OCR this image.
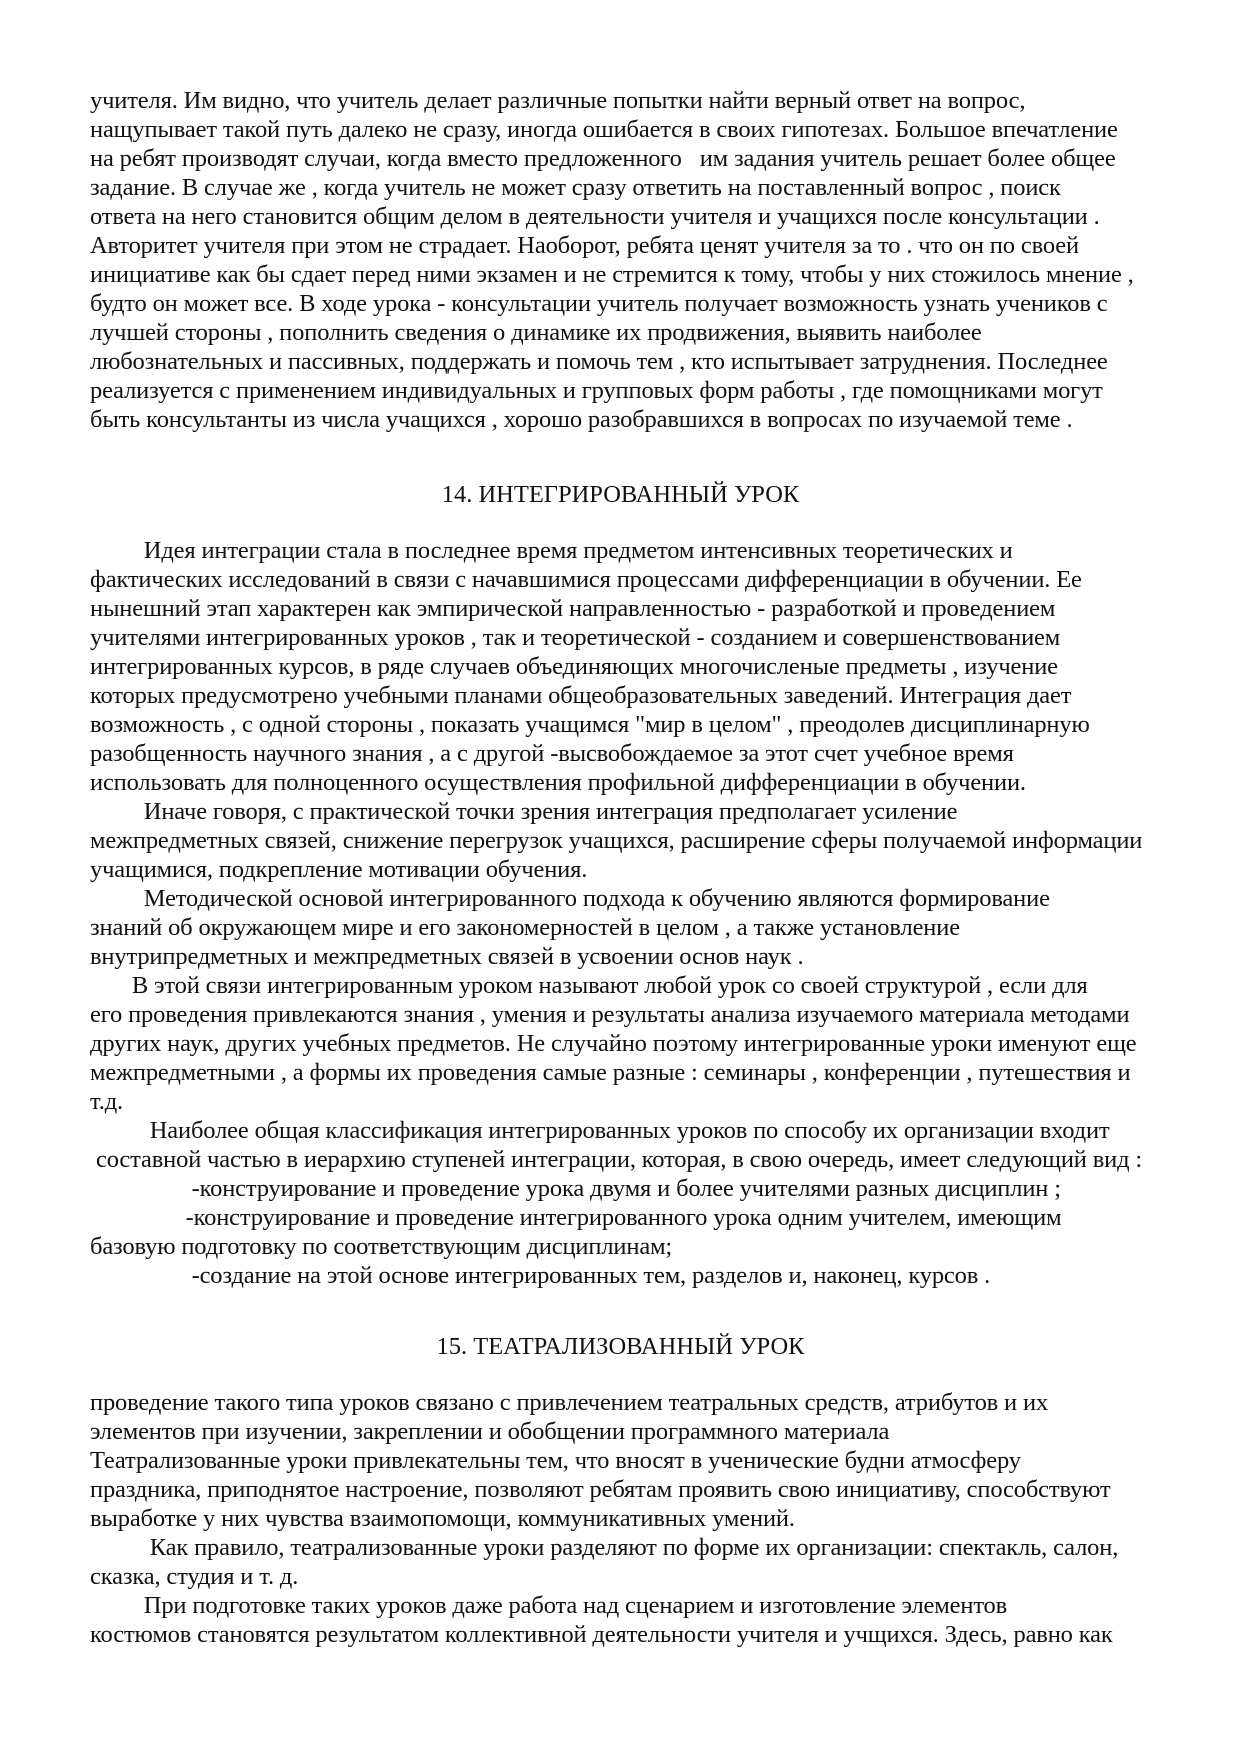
учителя. Им видно, что учитель делает различные попытки найти верный ответ на вопрос,
нащупывает такой путь далеко не сразу, иногда ошибается в своих гипотезах. Большое впечатление
на ребят производят случаи, когда вместо предложенного   им задания учитель решает более общее
задание. В случае же , когда учитель не может сразу ответить на поставленный вопрос , поиск
ответа на него становится общим делом в деятельности учителя и учащихся после консультации .
Авторитет учителя при этом не страдает. Наоборот, ребята ценят учителя за то . что он по своей
инициативе как бы сдает перед ними экзамен и не стремится к тому, чтобы у них стожилось мнение ,
будто он может все. В ходе урока - консультации учитель получает возможность узнать учеников с
лучшей стороны , пополнить сведения о динамике их продвижения, выявить наиболее
любознательных и пассивных, поддержать и помочь тем , кто испытывает затруднения. Последнее
реализуется с применением индивидуальных и групповых форм работы , где помощниками могут
быть консультанты из числа учащихся , хорошо разобравшихся в вопросах по изучаемой теме .
14. ИНТЕГРИРОВАННЫЙ УРОК
Идея интеграции стала в последнее время предметом интенсивных теоретических и
фактических исследований в связи с начавшимися процессами дифференциации в обучении. Ее
нынешний этап характерен как эмпирической направленностью - разработкой и проведением
учителями интегрированных уроков , так и теоретической - созданием и совершенствованием
интегрированных курсов, в ряде случаев объединяющих многочисленые предметы , изучение
которых предусмотрено учебными планами общеобразовательных заведений. Интеграция дает
возможность , с одной стороны , показать учащимся "мир в целом" , преодолев дисциплинарную
разобщенность научного знания , а с другой -высвобождаемое за этот счет учебное время
использовать для полноценного осуществления профильной дифференциации в обучении.
Иначе говоря, с практической точки зрения интеграция предполагает усиление
межпредметных связей, снижение перегрузок учащихся, расширение сферы получаемой информации
учащимися, подкрепление мотивации обучения.
Методической основой интегрированного подхода к обучению являются формирование
знаний об окружающем мире и его закономерностей в целом , а также установление
внутрипредметных и межпредметных связей в усвоении основ наук .
В этой связи интегрированным уроком называют любой урок со своей структурой , если для
его проведения привлекаются знания , умения и результаты анализа изучаемого материала методами
других наук, других учебных предметов. Не случайно поэтому интегрированные уроки именуют еще
межпредметными , а формы их проведения самые разные : семинары , конференции , путешествия и
т.д.
Наиболее общая классификация интегрированных уроков по способу их организации входит
составной частью в иерархию ступеней интеграции, которая, в свою очередь, имеет следующий вид :
-конструирование и проведение урока двумя и более учителями разных дисциплин ;
-конструирование и проведение интегрированного урока одним учителем, имеющим
базовую подготовку по соответствующим дисциплинам;
-создание на этой основе интегрированных тем, разделов и, наконец, курсов .
15. ТЕАТРАЛИЗОВАННЫЙ УРОК
проведение такого типа уроков связано с привлечением театральных средств, атрибутов и их
элементов при изучении, закреплении и обобщении программного материала
Театрализованные уроки привлекательны тем, что вносят в ученические будни атмосферу
праздника, приподнятое настроение, позволяют ребятам проявить свою инициативу, способствуют
выработке у них чувства взаимопомощи, коммуникативных умений.
Как правило, театрализованные уроки разделяют по форме их организации: спектакль, салон,
сказка, студия и т. д.
При подготовке таких уроков даже работа над сценарием и изготовление элементов
костюмов становятся результатом коллективной деятельности учителя и учщихся. Здесь, равно как
